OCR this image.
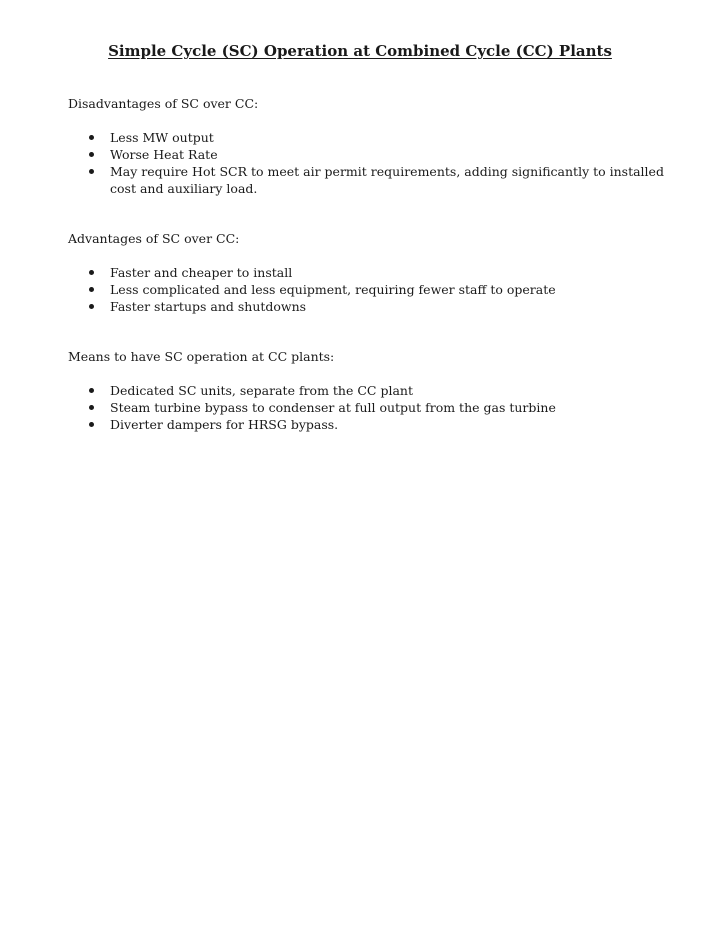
Simple Cycle (SC) Operation at Combined Cycle (CC) Plants

Disadvantages of SC over CC:

Less MW output
Worse Heat Rate
May require Hot SCR to meet air permit requirements, adding significantly to installed cost and auxiliary load.

Advantages of SC over CC:

Faster and cheaper to install
Less complicated and less equipment, requiring fewer staff to operate
Faster startups and shutdowns

Means to have SC operation at CC plants:

Dedicated SC units, separate from the CC plant
Steam turbine bypass to condenser at full output from the gas turbine
Diverter dampers for HRSG bypass.
